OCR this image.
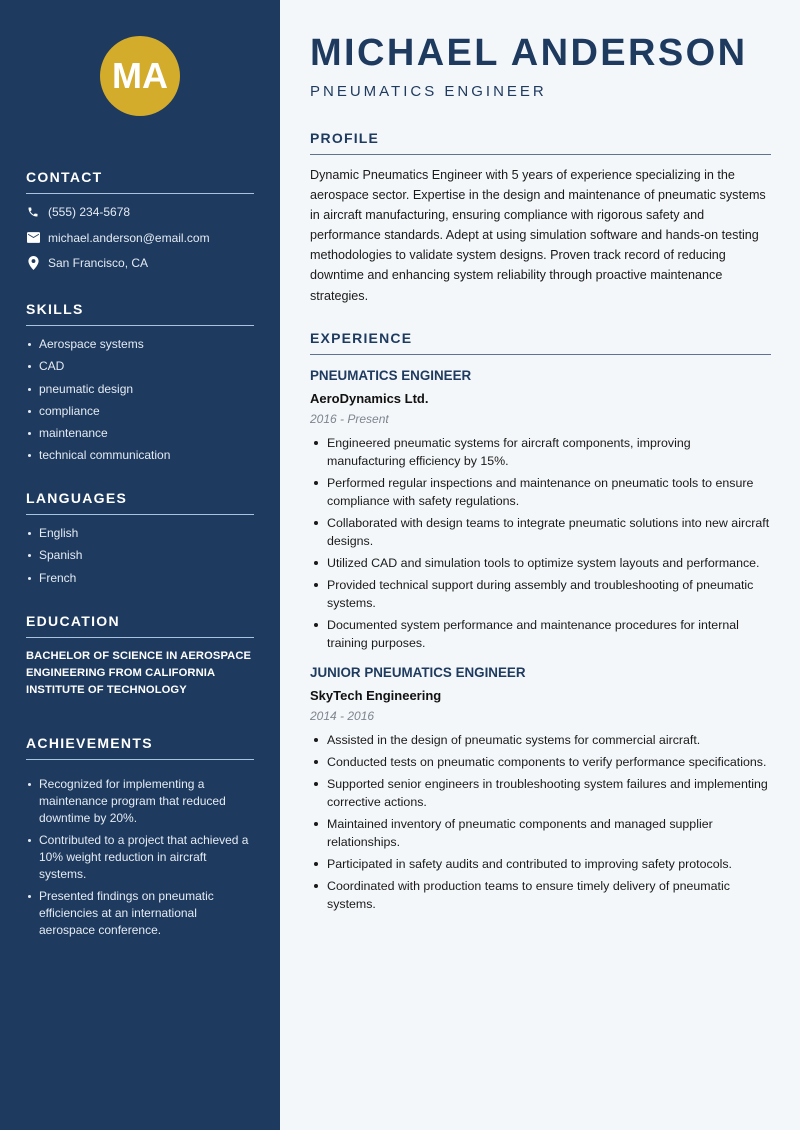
MA
CONTACT
(555) 234-5678
michael.anderson@email.com
San Francisco, CA
SKILLS
Aerospace systems
CAD
pneumatic design
compliance
maintenance
technical communication
LANGUAGES
English
Spanish
French
EDUCATION

BACHELOR OF SCIENCE IN AEROSPACE ENGINEERING FROM CALIFORNIA INSTITUTE OF TECHNOLOGY

ACHIEVEMENTS
Recognized for implementing a maintenance program that reduced downtime by 20%.
Contributed to a project that achieved a 10% weight reduction in aircraft systems.
Presented findings on pneumatic efficiencies at an international aerospace conference.
MICHAEL ANDERSON
PNEUMATICS ENGINEER
PROFILE

Dynamic Pneumatics Engineer with 5 years of experience specializing in the aerospace sector. Expertise in the design and maintenance of pneumatic systems in aircraft manufacturing, ensuring compliance with rigorous safety and performance standards. Adept at using simulation software and hands-on testing methodologies to validate system designs. Proven track record of reducing downtime and enhancing system reliability through proactive maintenance strategies.

EXPERIENCE
PNEUMATICS ENGINEER
AeroDynamics Ltd.
2016 - Present
Engineered pneumatic systems for aircraft components, improving manufacturing efficiency by 15%.
Performed regular inspections and maintenance on pneumatic tools to ensure compliance with safety regulations.
Collaborated with design teams to integrate pneumatic solutions into new aircraft designs.
Utilized CAD and simulation tools to optimize system layouts and performance.
Provided technical support during assembly and troubleshooting of pneumatic systems.
Documented system performance and maintenance procedures for internal training purposes.
JUNIOR PNEUMATICS ENGINEER
SkyTech Engineering
2014 - 2016
Assisted in the design of pneumatic systems for commercial aircraft.
Conducted tests on pneumatic components to verify performance specifications.
Supported senior engineers in troubleshooting system failures and implementing corrective actions.
Maintained inventory of pneumatic components and managed supplier relationships.
Participated in safety audits and contributed to improving safety protocols.
Coordinated with production teams to ensure timely delivery of pneumatic systems.
